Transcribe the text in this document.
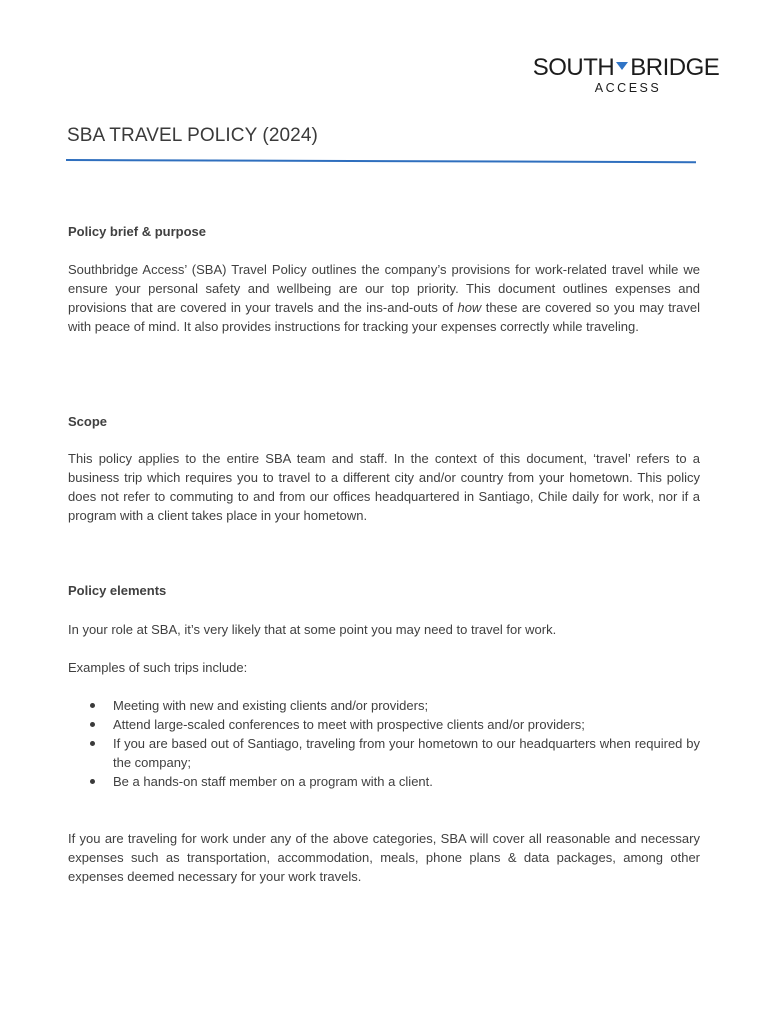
SOUTH BRIDGE
ACCESS
SBA TRAVEL POLICY (2024)
Policy brief & purpose

Southbridge Access’ (SBA) Travel Policy outlines the company’s provisions for work-related travel while we ensure your personal safety and wellbeing are our top priority. This document outlines expenses and provisions that are covered in your travels and the ins-and-outs of how these are covered so you may travel with peace of mind. It also provides instructions for tracking your expenses correctly while traveling.

Scope

This policy applies to the entire SBA team and staff. In the context of this document, ‘travel’ refers to a business trip which requires you to travel to a different city and/or country from your hometown. This policy does not refer to commuting to and from our offices headquartered in Santiago, Chile daily for work, nor if a program with a client takes place in your hometown.

Policy elements

In your role at SBA, it’s very likely that at some point you may need to travel for work.

Examples of such trips include:

Meeting with new and existing clients and/or providers;
Attend large-scaled conferences to meet with prospective clients and/or providers;
If you are based out of Santiago, traveling from your hometown to our headquarters when required by the company;
Be a hands-on staff member on a program with a client.

If you are traveling for work under any of the above categories, SBA will cover all reasonable and necessary expenses such as transportation, accommodation, meals, phone plans & data packages, among other expenses deemed necessary for your work travels.
